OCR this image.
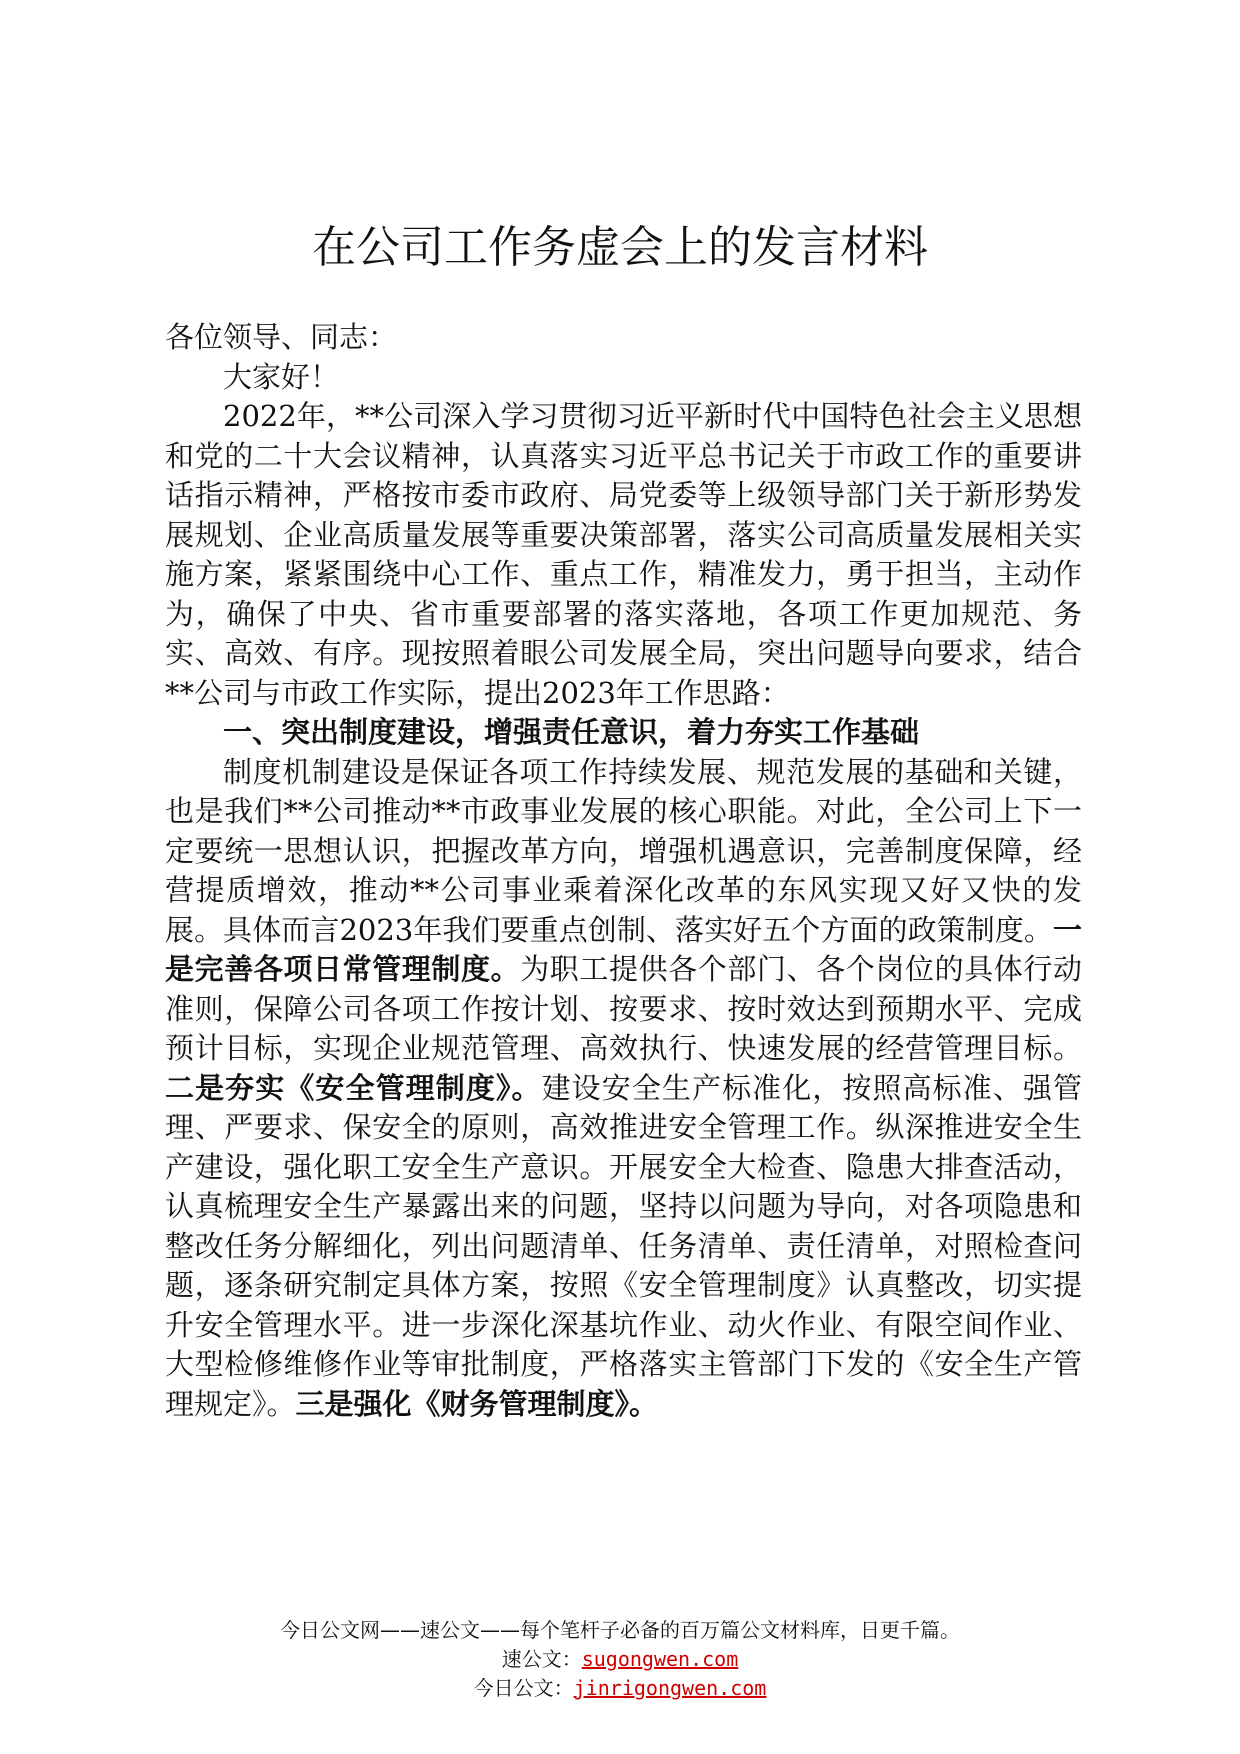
在公司工作务虚会上的发言材料

各位领导、同志：

大家好！

2022年，**公司深入学习贯彻习近平新时代中国特色社会主义思想和党的二十大会议精神，认真落实习近平总书记关于市政工作的重要讲话指示精神，严格按市委市政府、局党委等上级领导部门关于新形势发展规划、企业高质量发展等重要决策部署，落实公司高质量发展相关实施方案，紧紧围绕中心工作、重点工作，精准发力，勇于担当，主动作为，确保了中央、省市重要部署的落实落地，各项工作更加规范、务实、高效、有序。现按照着眼公司发展全局，突出问题导向要求，结合**公司与市政工作实际，提出2023年工作思路：

一、突出制度建设，增强责任意识，着力夯实工作基础

制度机制建设是保证各项工作持续发展、规范发展的基础和关键，也是我们**公司推动**市政事业发展的核心职能。对此，全公司上下一定要统一思想认识，把握改革方向，增强机遇意识，完善制度保障，经营提质增效，推动**公司事业乘着深化改革的东风实现又好又快的发展。具体而言2023年我们要重点创制、落实好五个方面的政策制度。一是完善各项日常管理制度。为职工提供各个部门、各个岗位的具体行动准则，保障公司各项工作按计划、按要求、按时效达到预期水平、完成预计目标，实现企业规范管理、高效执行、快速发展的经营管理目标。二是夯实《安全管理制度》。建设安全生产标准化，按照高标准、强管理、严要求、保安全的原则，高效推进安全管理工作。纵深推进安全生产建设，强化职工安全生产意识。开展安全大检查、隐患大排查活动，认真梳理安全生产暴露出来的问题，坚持以问题为导向，对各项隐患和整改任务分解细化，列出问题清单、任务清单、责任清单，对照检查问题，逐条研究制定具体方案，按照《安全管理制度》认真整改，切实提升安全管理水平。进一步深化深基坑作业、动火作业、有限空间作业、大型检修维修作业等审批制度，严格落实主管部门下发的《安全生产管理规定》。三是强化《财务管理制度》。

今日公文网——速公文——每个笔杆子必备的百万篇公文材料库，日更千篇。
速公文：sugongwen.com
今日公文：jinrigongwen.com
